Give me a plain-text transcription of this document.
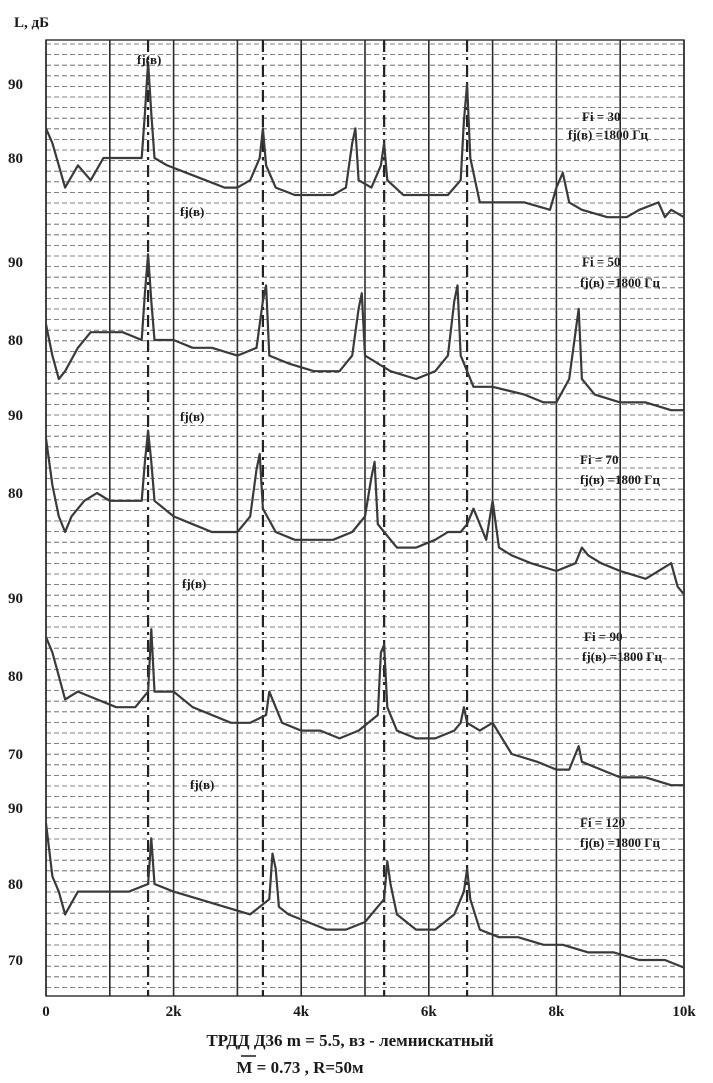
L, дБ
90
80
90
80
90
80
90
80
70
90
80
70
Fi = 30
fj(в) =1800 Гц
fj(в)
Fi = 50
fj(в) =1800 Гц
fj(в)
Fi = 70
fj(в) =1800 Гц
fj(в)
Fi = 90
fj(в) =1800 Гц
fj(в)
Fi = 120
fj(в) =1800 Гц
fj(в)
0	2k	4k	6k	8k	10k
ТРДД Д36 m = 5.5, вз - лемнискатный
M = 0.73 , R=50м
